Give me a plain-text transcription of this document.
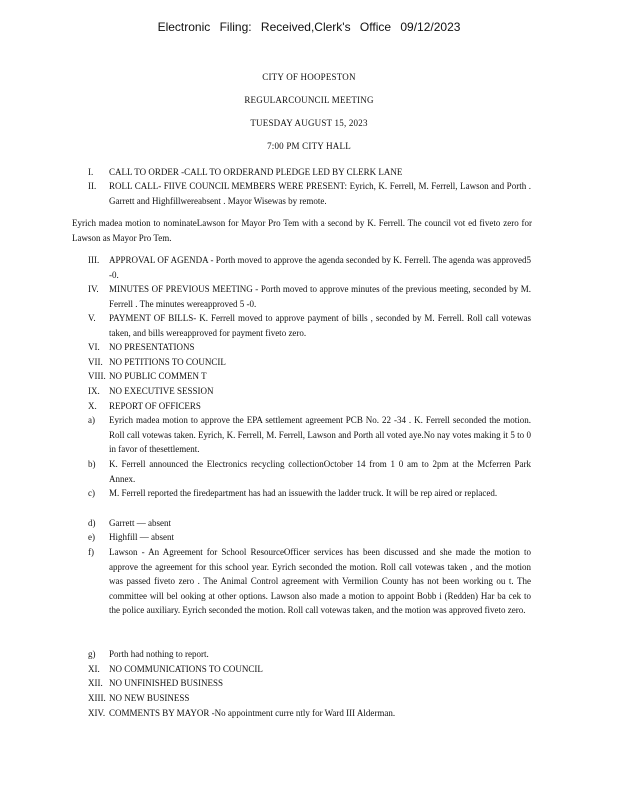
Electronic Filing: Received,Clerk's Office 09/12/2023
CITY OF HOOPESTON
REGULARCOUNCIL MEETING
TUESDAY AUGUST 15, 2023
7:00 PM CITY HALL
I.	CALL TO ORDER -CALL TO ORDERAND PLEDGE LED BY CLERK LANE
II.	ROLL CALL- FIIVE COUNCIL MEMBERS WERE PRESENT: Eyrich, K. Ferrell, M. Ferrell, Lawson and Porth . Garrett and Highfillwereabsent . Mayor Wisewas by remote.
Eyrich madea motion to nominateLawson for Mayor Pro Tem with a second by K. Ferrell. The council vot ed fiveto zero for Lawson as Mayor Pro Tem.
III.	APPROVAL OF AGENDA - Porth moved to approve the agenda seconded by K. Ferrell. The agenda was approved5 -0.
IV.	MINUTES OF PREVIOUS MEETING - Porth moved to approve minutes of the previous meeting, seconded by M. Ferrell . The minutes wereapproved 5 -0.
V.	PAYMENT OF BILLS- K. Ferrell moved to approve payment of bills , seconded by M. Ferrell. Roll call votewas taken, and bills wereapproved for payment fiveto zero.
VI.	NO PRESENTATIONS
VII. NO PETITIONS TO COUNCIL
VIII. NO PUBLIC COMMEN T
IX.	NO EXECUTIVE SESSION
X.	REPORT OF OFFICERS
a)	Eyrich madea motion to approve the EPA settlement agreement PCB No. 22 -34 . K. Ferrell seconded the motion. Roll call votewas taken. Eyrich, K. Ferrell, M. Ferrell, Lawson and Porth all voted aye.No nay votes making it 5 to 0 in favor of thesettlement.
b)	K. Ferrell announced the Electronics recycling collectionOctober 14 from 1 0 am to 2pm at the Mcferren Park Annex.
c)	M. Ferrell reported the firedepartment has had an issuewith the ladder truck. It will be rep aired or replaced.
d)	Garrett — absent
e)	Highfill — absent
f)	Lawson - An Agreement for School ResourceOfficer services has been discussed and she made the motion to approve the agreement for this school year. Eyrich seconded the motion. Roll call votewas taken , and the motion was passed fiveto zero . The Animal Control agreement with Vermilion County has not been working ou t. The committee will bel ooking at other options. Lawson also made a motion to appoint Bobb i (Redden) Har ba cek to the police auxiliary. Eyrich seconded the motion. Roll call votewas taken, and the motion was approved fiveto zero.
g)	Porth had nothing to report.
XI.	NO COMMUNICATIONS TO COUNCIL
XII. NO UNFINISHED BUSINESS
XIII. NO NEW BUSINESS
XIV. COMMENTS BY MAYOR -No appointment curre ntly for Ward III Alderman.
